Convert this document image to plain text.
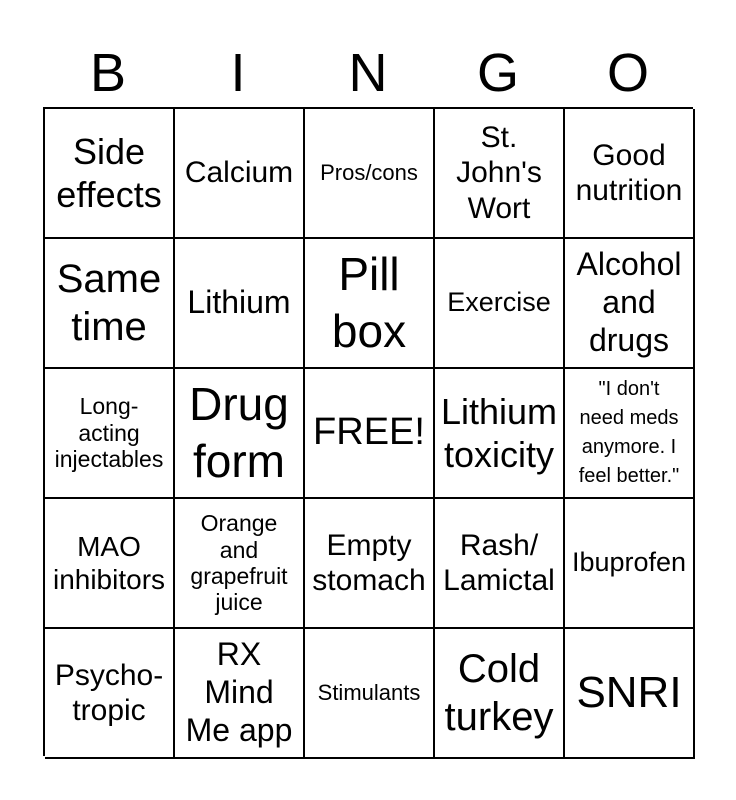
B	I	N	G	O
Side
effects
Calcium Pros/cons
St.
John's
Wort
Good
nutrition
Same
time
Lithium
Pill
box
Exercise
Alcohol
and
drugs
Long-
acting
injectables
Drug
form
FREE! Lithium
toxicity
"I don't
need meds
anymore. I
feel better."
MAO
inhibitors
Orange
and
grapefruit
juice
Empty
stomach
Rash/
Lamictal
Ibuprofen
Psycho-
tropic
RX
Mind
Me app
Stimulants
Cold
turkey
SNRI
